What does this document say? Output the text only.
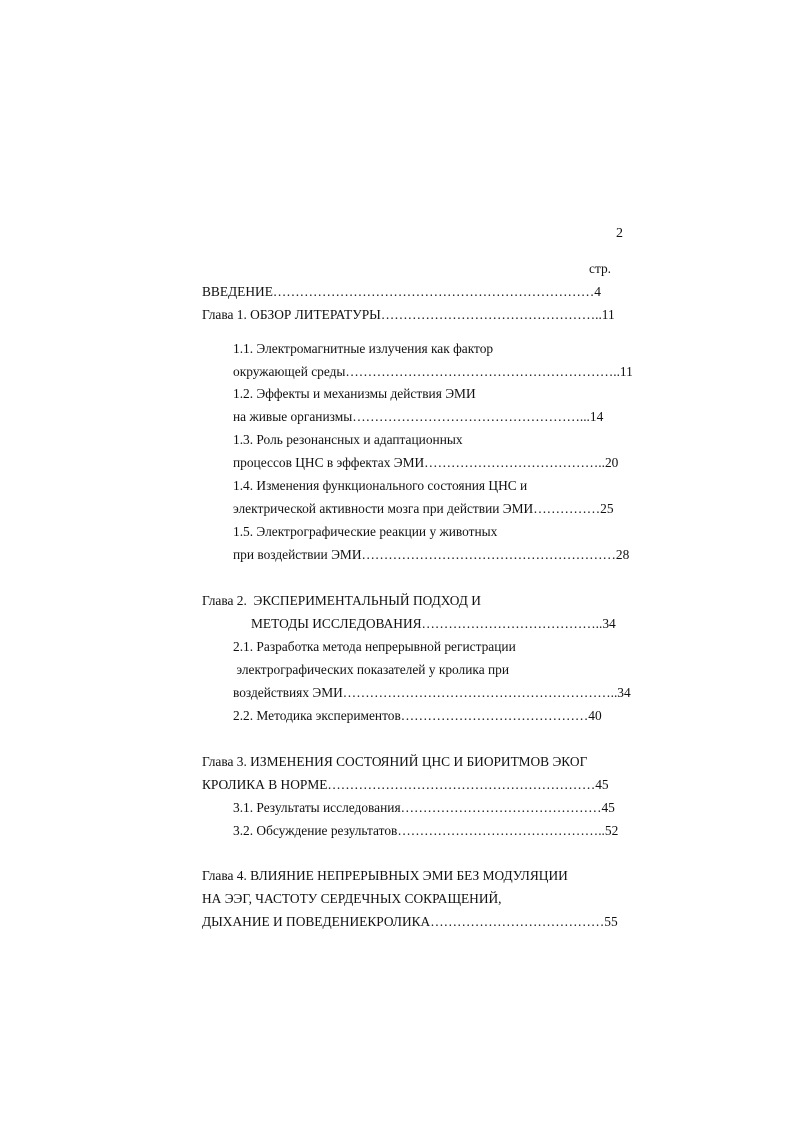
2
стр.
ВВЕДЕНИЕ………………………………………………………………4
Глава 1. ОБЗОР ЛИТЕРАТУРЫ…………………………………………..11
1.1. Электромагнитные излучения как фактор
окружающей среды……………………………………………………..11
1.2. Эффекты и механизмы действия ЭМИ
на живые организмы……………………………………………...14
1.3. Роль резонансных и адаптационных
процессов ЦНС в эффектах ЭМИ…………………………………..20
1.4. Изменения функционального состояния ЦНС и
электрической активности мозга при действии ЭМИ……………25
1.5. Электрографические реакции у животных
при воздействии ЭМИ…………………………………………………28
Глава 2.  ЭКСПЕРИМЕНТАЛЬНЫЙ ПОДХОД И
МЕТОДЫ ИССЛЕДОВАНИЯ…………………………………..34
2.1. Разработка метода непрерывной регистрации
электрографических показателей у кролика при
воздействиях ЭМИ……………………………………………………..34
2.2. Методика экспериментов……………………………………40
Глава 3. ИЗМЕНЕНИЯ СОСТОЯНИЙ ЦНС И БИОРИТМОВ ЭКОГ
КРОЛИКА В НОРМЕ……………………………………………………45
3.1. Результаты исследования………………………………………45
3.2. Обсуждение результатов………………………………………..52
Глава 4. ВЛИЯНИЕ НЕПРЕРЫВНЫХ ЭМИ БЕЗ МОДУЛЯЦИИ
НА ЭЭГ, ЧАСТОТУ СЕРДЕЧНЫХ СОКРАЩЕНИЙ,
ДЫХАНИЕ И ПОВЕДЕНИЕКРОЛИКА…………………………………55
